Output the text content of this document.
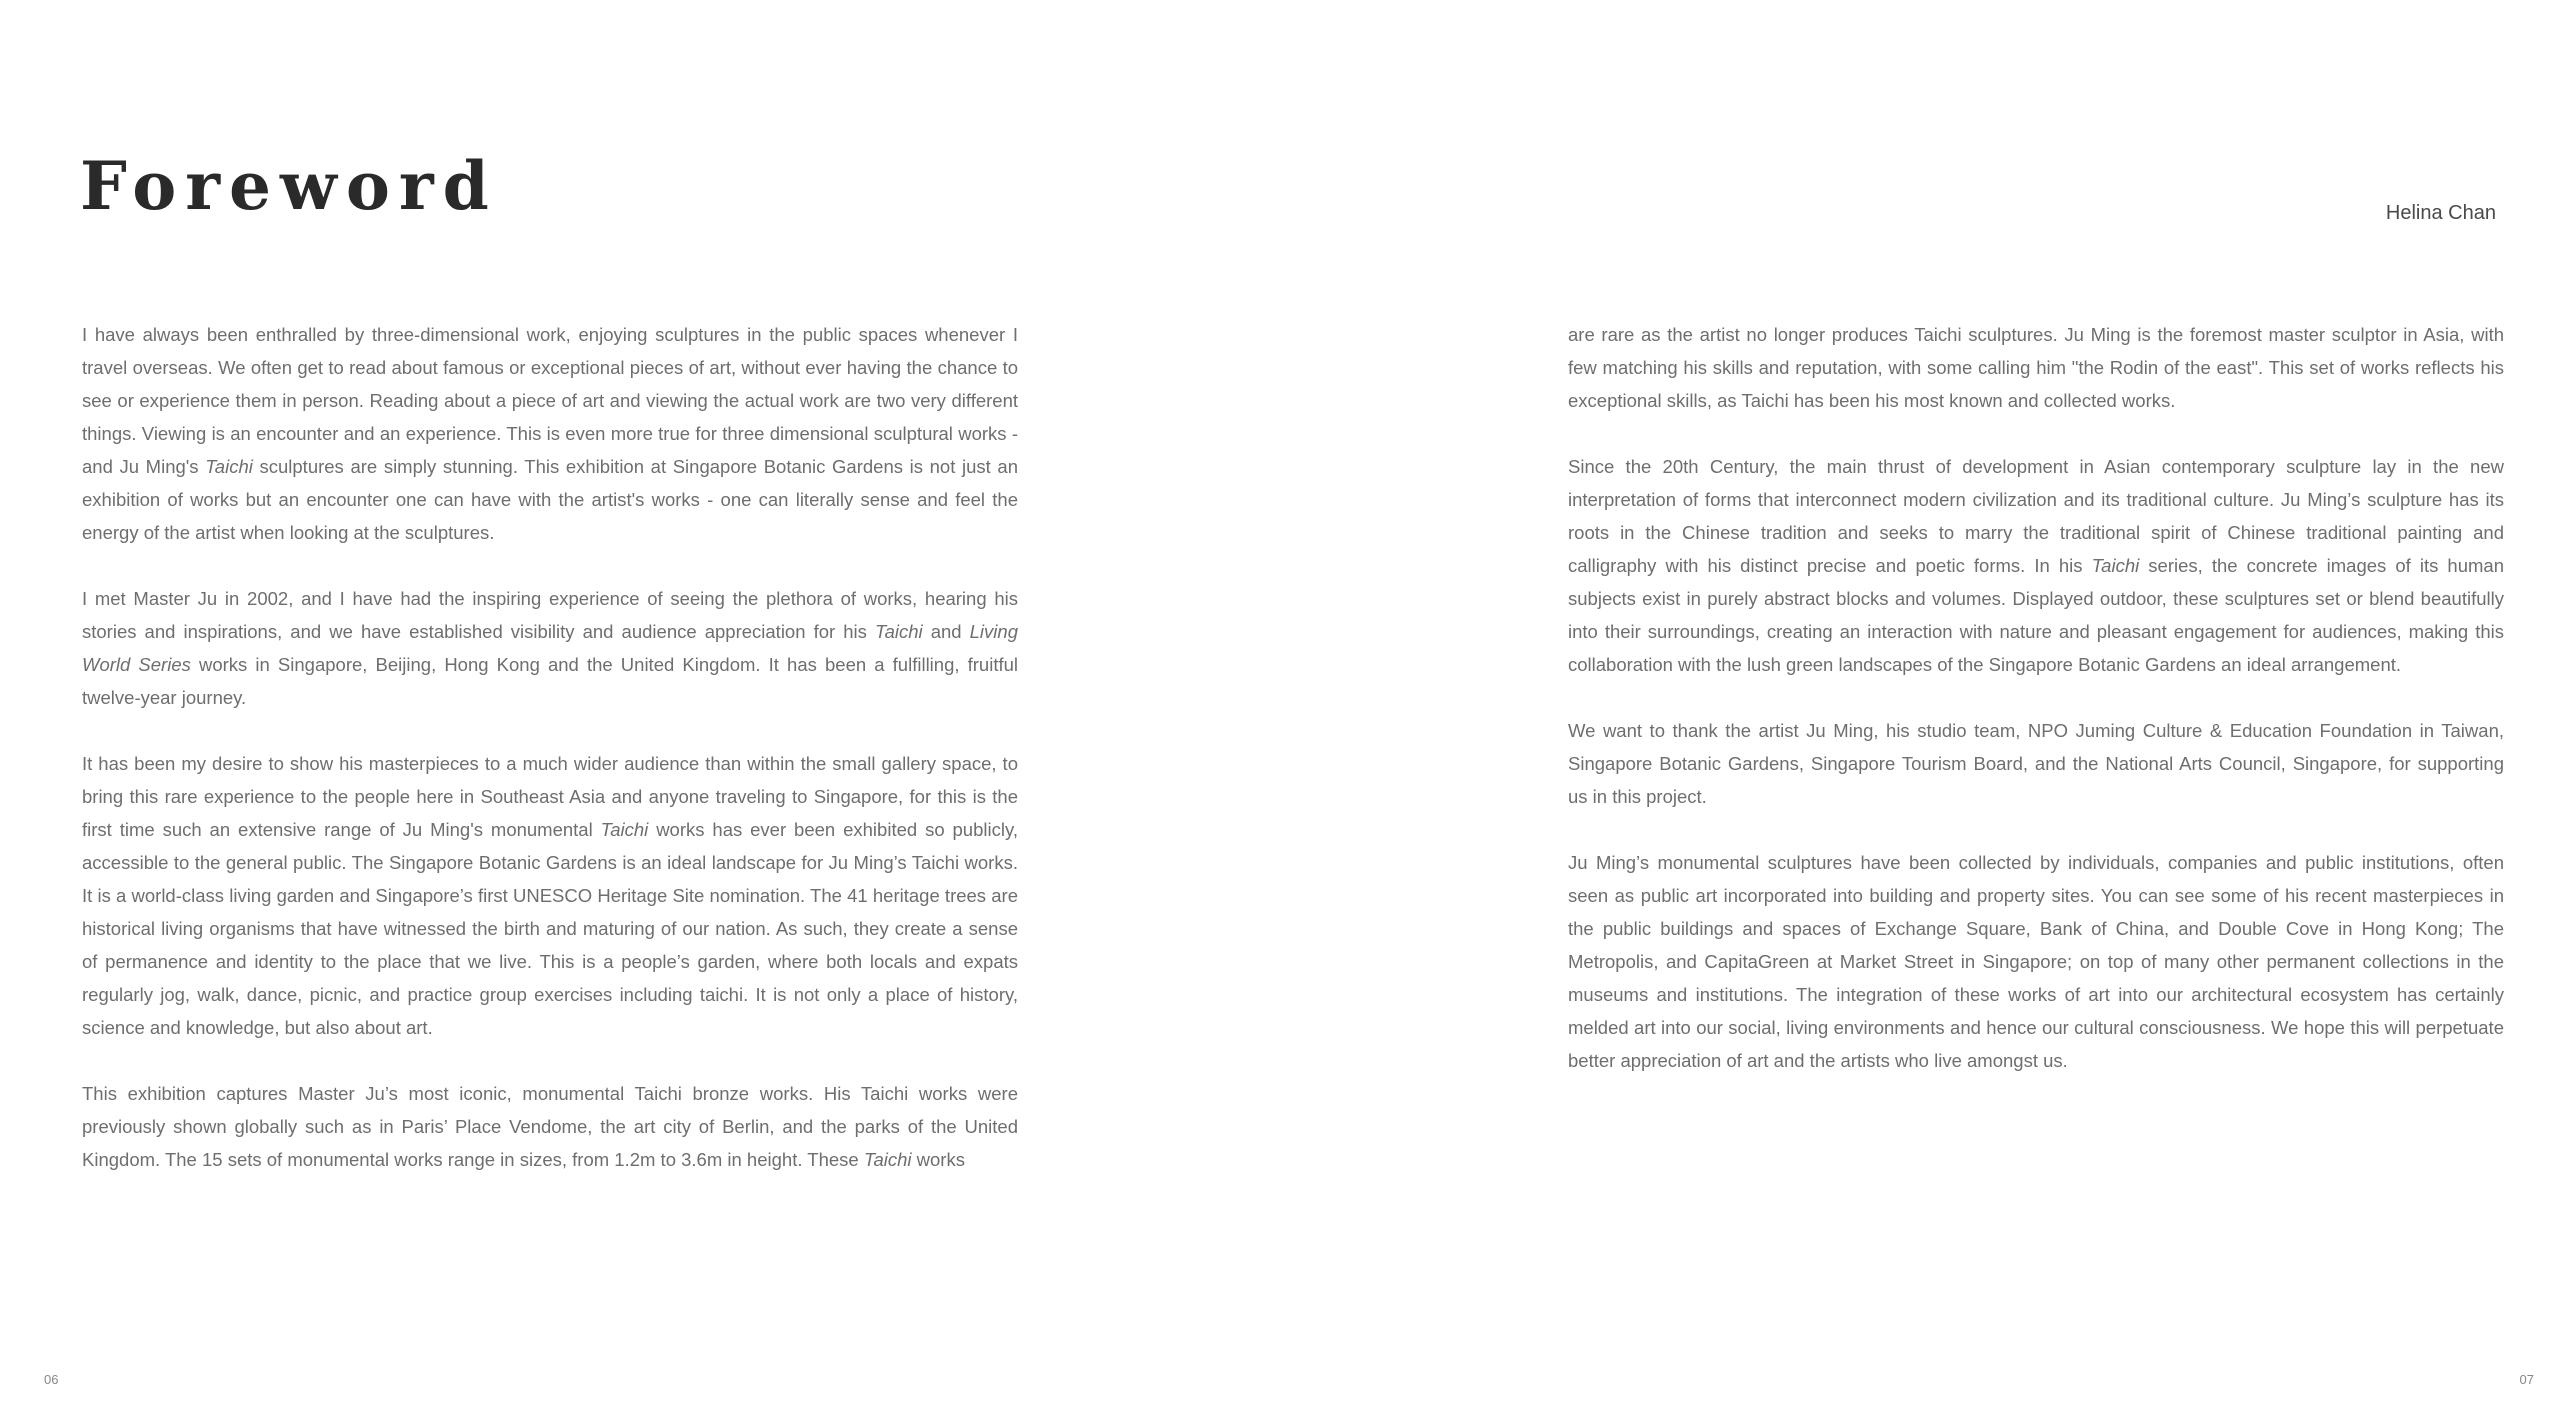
Foreword	Helina Chan

I have always been enthralled by three-dimensional work, enjoying sculptures in the public spaces whenever I travel overseas. We often get to read about famous or exceptional pieces of art, without ever having the chance to see or experience them in person. Reading about a piece of art and viewing the actual work are two very different things. Viewing is an encounter and an experience. This is even more true for three dimensional sculptural works - and Ju Ming's Taichi sculptures are simply stunning. This exhibition at Singapore Botanic Gardens is not just an exhibition of works but an encounter one can have with the artist's works - one can literally sense and feel the energy of the artist when looking at the sculptures.

I met Master Ju in 2002, and I have had the inspiring experience of seeing the plethora of works, hearing his stories and inspirations, and we have established visibility and audience appreciation for his Taichi and Living World Series works in Singapore, Beijing, Hong Kong and the United Kingdom. It has been a fulfilling, fruitful twelve-year journey.

It has been my desire to show his masterpieces to a much wider audience than within the small gallery space, to bring this rare experience to the people here in Southeast Asia and anyone traveling to Singapore, for this is the first time such an extensive range of Ju Ming's monumental Taichi works has ever been exhibited so publicly, accessible to the general public. The Singapore Botanic Gardens is an ideal landscape for Ju Ming’s Taichi works. It is a world-class living garden and Singapore’s first UNESCO Heritage Site nomination. The 41 heritage trees are historical living organisms that have witnessed the birth and maturing of our nation. As such, they create a sense of permanence and identity to the place that we live. This is a people’s garden, where both locals and expats regularly jog, walk, dance, picnic, and practice group exercises including taichi. It is not only a place of history, science and knowledge, but also about art.

This exhibition captures Master Ju’s most iconic, monumental Taichi bronze works. His Taichi works were previously shown globally such as in Paris’ Place Vendome, the art city of Berlin, and the parks of the United Kingdom. The 15 sets of monumental works range in sizes, from 1.2m to 3.6m in height. These Taichi works

are rare as the artist no longer produces Taichi sculptures. Ju Ming is the foremost master sculptor in Asia, with few matching his skills and reputation, with some calling him "the Rodin of the east". This set of works reflects his exceptional skills, as Taichi has been his most known and collected works.

Since the 20th Century, the main thrust of development in Asian contemporary sculpture lay in the new interpretation of forms that interconnect modern civilization and its traditional culture. Ju Ming’s sculpture has its roots in the Chinese tradition and seeks to marry the traditional spirit of Chinese traditional painting and calligraphy with his distinct precise and poetic forms. In his Taichi series, the concrete images of its human subjects exist in purely abstract blocks and volumes. Displayed outdoor, these sculptures set or blend beautifully into their surroundings, creating an interaction with nature and pleasant engagement for audiences, making this collaboration with the lush green landscapes of the Singapore Botanic Gardens an ideal arrangement.

We want to thank the artist Ju Ming, his studio team, NPO Juming Culture & Education Foundation in Taiwan, Singapore Botanic Gardens, Singapore Tourism Board, and the National Arts Council, Singapore, for supporting us in this project.

Ju Ming’s monumental sculptures have been collected by individuals, companies and public institutions, often seen as public art incorporated into building and property sites. You can see some of his recent masterpieces in the public buildings and spaces of Exchange Square, Bank of China, and Double Cove in Hong Kong; The Metropolis, and CapitaGreen at Market Street in Singapore; on top of many other permanent collections in the museums and institutions. The integration of these works of art into our architectural ecosystem has certainly melded art into our social, living environments and hence our cultural consciousness. We hope this will perpetuate better appreciation of art and the artists who live amongst us.

06	07
